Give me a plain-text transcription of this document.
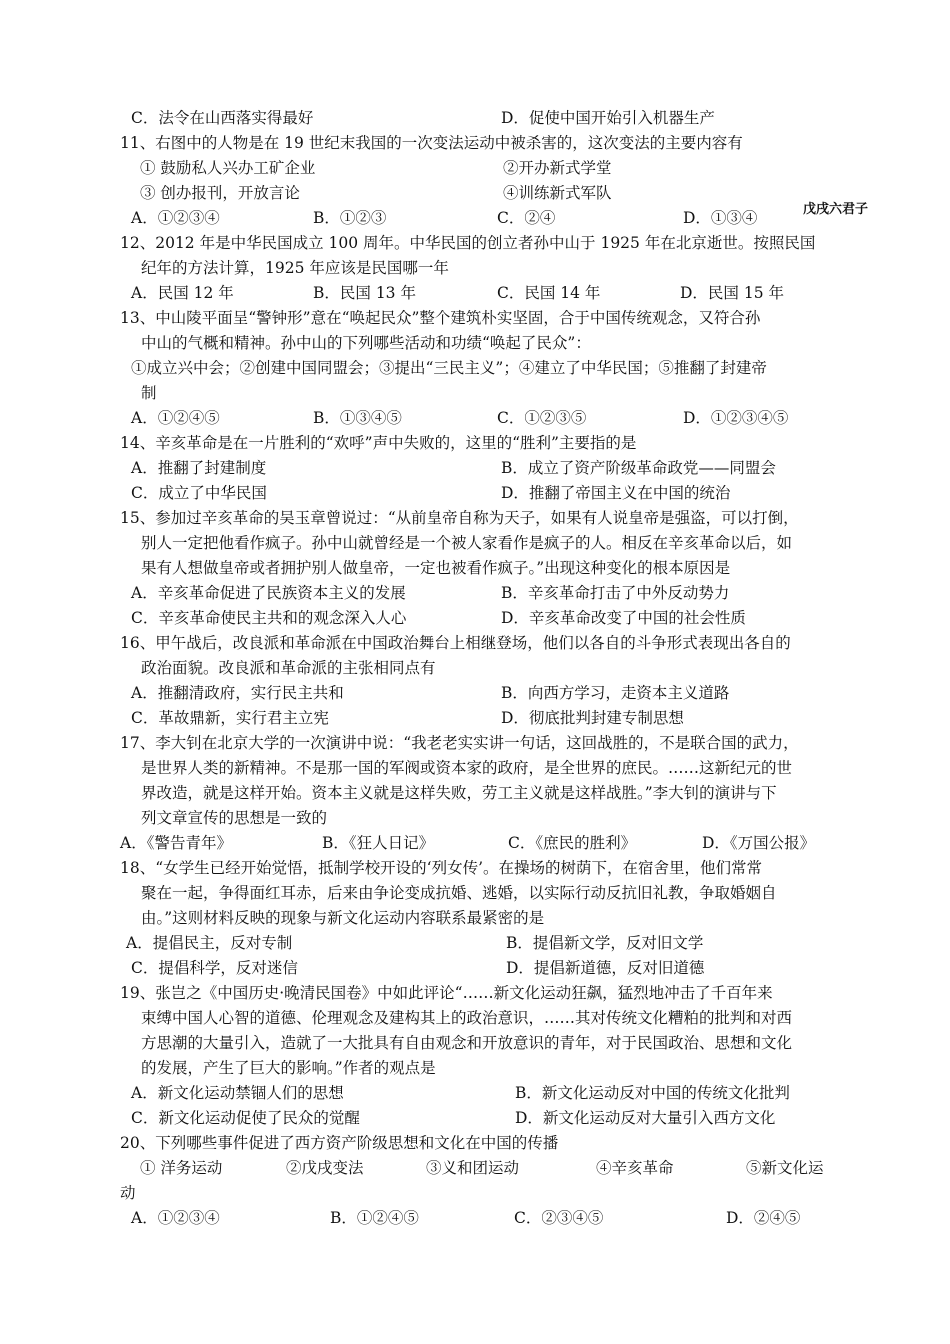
C．法令在山西落实得最好	D．促使中国开始引入机器生产
11、右图中的人物是在 19 世纪末我国的一次变法运动中被杀害的，这次变法的主要内容有
① 鼓励私人兴办工矿企业	②开办新式学堂
③ 创办报刊，开放言论	④训练新式军队
A．①②③④	B．①②③	C．②④	D．①③④
12、2012 年是中华民国成立 100 周年。中华民国的创立者孙中山于 1925 年在北京逝世。按照民国
纪年的方法计算，1925 年应该是民国哪一年
A．民国 12 年	B．民国 13 年	C．民国 14 年	D．民国 15 年
13、中山陵平面呈“警钟形”意在“唤起民众”整个建筑朴实坚固，合于中国传统观念，又符合孙
中山的气概和精神。孙中山的下列哪些活动和功绩“唤起了民众”：
①成立兴中会；②创建中国同盟会；③提出“三民主义”；④建立了中华民国；⑤推翻了封建帝
制
A．①②④⑤	B．①③④⑤	C．①②③⑤	D．①②③④⑤
14、辛亥革命是在一片胜利的“欢呼”声中失败的，这里的“胜利”主要指的是
A．推翻了封建制度	B．成立了资产阶级革命政党——同盟会
C．成立了中华民国	D．推翻了帝国主义在中国的统治
15、参加过辛亥革命的吴玉章曾说过：“从前皇帝自称为天子，如果有人说皇帝是强盗，可以打倒，
别人一定把他看作疯子。孙中山就曾经是一个被人家看作是疯子的人。相反在辛亥革命以后，如
果有人想做皇帝或者拥护别人做皇帝，一定也被看作疯子。”出现这种变化的根本原因是
A．辛亥革命促进了民族资本主义的发展	B．辛亥革命打击了中外反动势力
C．辛亥革命使民主共和的观念深入人心	D．辛亥革命改变了中国的社会性质
16、甲午战后，改良派和革命派在中国政治舞台上相继登场，他们以各自的斗争形式表现出各自的
政治面貌。改良派和革命派的主张相同点有
A．推翻清政府，实行民主共和	B．向西方学习，走资本主义道路
C．革故鼎新，实行君主立宪	D．彻底批判封建专制思想
17、李大钊在北京大学的一次演讲中说：“我老老实实讲一句话，这回战胜的，不是联合国的武力，
是世界人类的新精神。不是那一国的军阀或资本家的政府，是全世界的庶民。……这新纪元的世
界改造，就是这样开始。资本主义就是这样失败，劳工主义就是这样战胜。”李大钊的演讲与下
列文章宣传的思想是一致的
A．《警告青年》	B．《狂人日记》	C．《庶民的胜利》	D．《万国公报》
18、“女学生已经开始觉悟，抵制学校开设的‘列女传’。在操场的树荫下，在宿舍里，他们常常
聚在一起，争得面红耳赤，后来由争论变成抗婚、逃婚，以实际行动反抗旧礼教，争取婚姻自
由。”这则材料反映的现象与新文化运动内容联系最紧密的是
A．提倡民主，反对专制	B．提倡新文学，反对旧文学
C．提倡科学，反对迷信	D．提倡新道德，反对旧道德
19、张岂之《中国历史·晚清民国卷》中如此评论“……新文化运动狂飙，猛烈地冲击了千百年来
束缚中国人心智的道德、伦理观念及建构其上的政治意识，……其对传统文化糟粕的批判和对西
方思潮的大量引入，造就了一大批具有自由观念和开放意识的青年，对于民国政治、思想和文化
的发展，产生了巨大的影响。”作者的观点是
A．新文化运动禁锢人们的思想	B．新文化运动反对中国的传统文化批判
C．新文化运动促使了民众的觉醒	D．新文化运动反对大量引入西方文化
20、下列哪些事件促进了西方资产阶级思想和文化在中国的传播
① 洋务运动	②戊戌变法	③义和团运动	④辛亥革命	⑤新文化运
动
A．①②③④	B．①②④⑤	C．②③④⑤	D．②④⑤
戊戌六君子
